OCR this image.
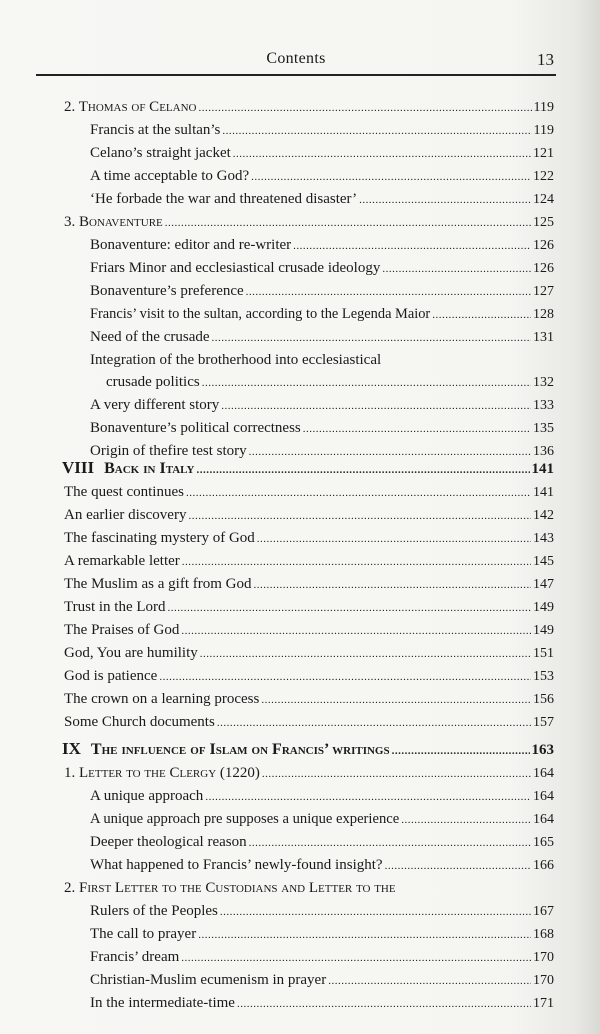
Contents	13
2. Thomas of Celano .....	119
Francis at the sultan’s .....	119
Celano’s straight jacket .....	121
A time acceptable to God? .....	122
‘He forbade the war and threatened disaster’ .....	124
3. Bonaventure .....	125
Bonaventure: editor and re-writer .....	126
Friars Minor and ecclesiastical crusade ideology .....	126
Bonaventure’s preference .....	127
Francis’ visit to the sultan, according to the Legenda Maior .....	128
Need of the crusade .....	131
Integration of the brotherhood into ecclesiastical
crusade politics .....	132
A very different story .....	133
Bonaventure’s political correctness .....	135
Origin of thefire test story .....	136
VIII Back in Italy .....	141
The quest continues .....	141
An earlier discovery .....	142
The fascinating mystery of God .....	143
A remarkable letter .....	145
The Muslim as a gift from God .....	147
Trust in the Lord .....	149
The Praises of God .....	149
God, You are humility .....	151
God is patience .....	153
The crown on a learning process .....	156
Some Church documents .....	157
IX The influence of Islam on Francis’ writings .....	163
1. Letter to the Clergy (1220) .....	164
A unique approach .....	164
A unique approach pre supposes a unique experience .....	164
Deeper theological reason .....	165
What happened to Francis’ newly-found insight? .....	166
2. First Letter to the Custodians and Letter to the
Rulers of the Peoples .....	167
The call to prayer .....	168
Francis’ dream .....	170
Christian-Muslim ecumenism in prayer .....	170
In the intermediate-time .....	171
